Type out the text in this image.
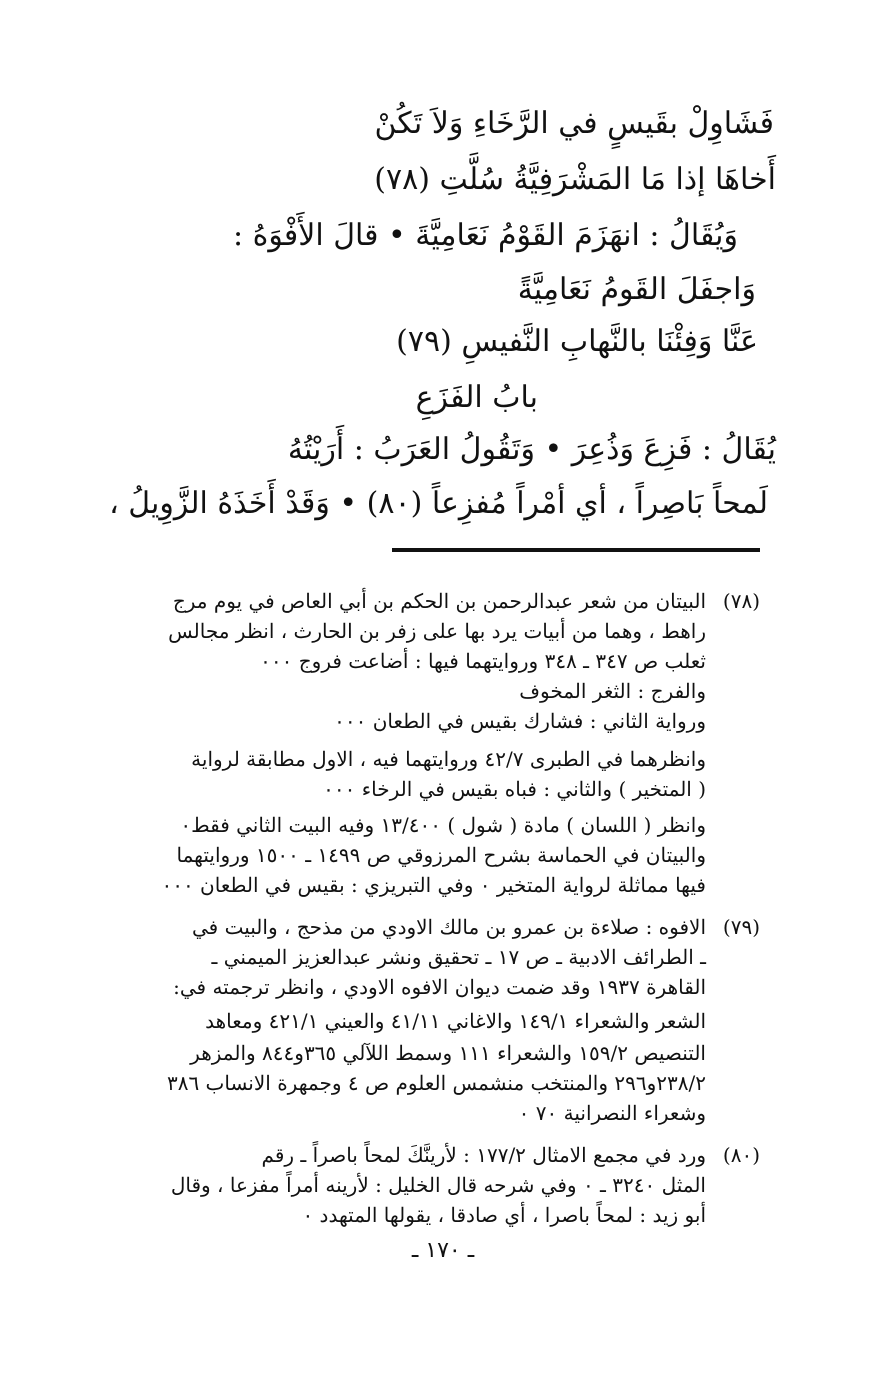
فَشَاوِلْ بقَيسٍ في الرَّخَاءِ وَلاَ تَكُنْ
أَخاهَا إذا مَا المَشْرَفِيَّةُ سُلَّتِ (٧٨)
وَيُقَالُ : انهَزَمَ القَوْمُ نَعَامِيَّةَ • قالَ الأَفْوَهُ :
وَاجفَلَ القَومُ نَعَامِيَّةً
عَنَّا وَفِئْنَا بالنَّهابِ النَّفيسِ (٧٩)
بابُ الفَزَعِ
يُقَالُ : فَزِعَ وَذُعِرَ • وَتَقُولُ العَرَبُ : أَرَيْتُهُ
لَمحاً بَاصِراً ، أي أمْراً مُفزِعاً (٨٠) • وَقَدْ أَخَذَهُ الزَّوِيلُ ،
(٧٨)
البيتان من شعر عبدالرحمن بن الحكم بن أبي العاص في يوم مرج
راهط ، وهما من أبيات يرد بها على زفر بن الحارث ، انظر مجالس
ثعلب ص ٣٤٧ ـ ٣٤٨ وروايتهما فيها : أضاعت فروج ٠٠٠
والفرج : الثغر المخوف
ورواية الثاني : فشارك بقيس في الطعان ٠٠٠
وانظرهما في الطبرى ٤٢/٧ وروايتهما فيه ، الاول مطابقة لرواية
( المتخير ) والثاني : فباه بقيس في الرخاء ٠٠٠
وانظر ( اللسان ) مادة ( شول ) ١٣/٤٠٠ وفيه البيت الثاني فقط٠
والبيتان في الحماسة بشرح المرزوقي ص ١٤٩٩ ـ ١٥٠٠ وروايتهما
فيها مماثلة لرواية المتخير ٠ وفي التبريزي : بقيس في الطعان ٠٠٠
(٧٩)
الافوه : صلاءة بن عمرو بن مالك الاودي من مذحج ، والبيت في
ـ الطرائف الادبية ـ ص ١٧ ـ تحقيق ونشر عبدالعزيز الميمني ـ
القاهرة ١٩٣٧ وقد ضمت ديوان الافوه الاودي ، وانظر ترجمته في:
الشعر والشعراء ١٤٩/١ والاغاني ٤١/١١ والعيني ٤٢١/١ ومعاهد
التنصيص ١٥٩/٢ والشعراء ١١١ وسمط اللآلي ٣٦٥و٨٤٤ والمزهر
٢٣٨/٢و٢٩٦ والمنتخب منشمس العلوم ص ٤ وجمهرة الانساب ٣٨٦
وشعراء النصرانية ٧٠ ٠
(٨٠)
ورد في مجمع الامثال ١٧٧/٢ : لأرينَّكَ لمحاً باصراً ـ رقم
المثل ٣٢٤٠ ـ ٠ وفي شرحه قال الخليل : لأرينه أمراً مفزعا ، وقال
أبو زيد : لمحاً باصرا ، أي صادقا ، يقولها المتهدد ٠
ـ ١٧٠ ـ
